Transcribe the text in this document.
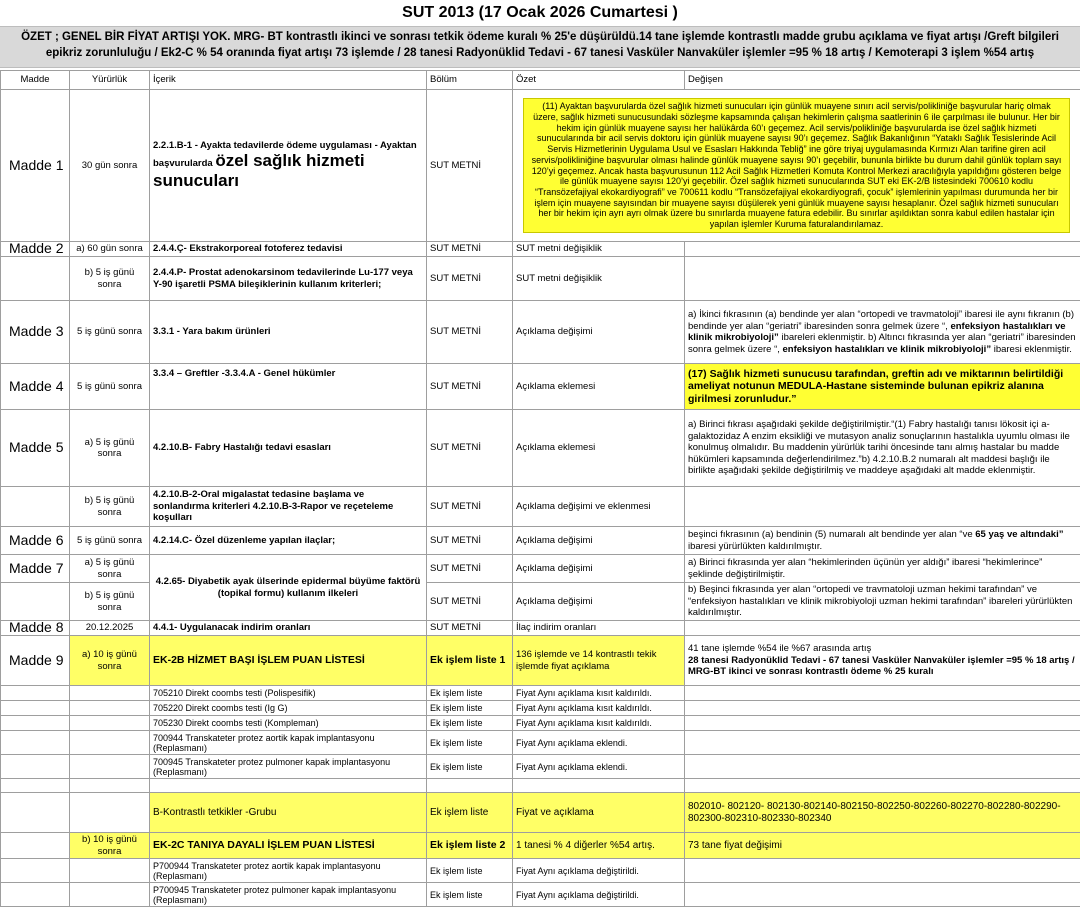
SUT 2013 (17 Ocak 2026 Cumartesi )
ÖZET ; GENEL BİR FİYAT ARTIŞI YOK. MRG- BT kontrastlı ikinci ve sonrası tetkik ödeme kuralı % 25'e düşürüldü.14 tane işlemde kontrastlı madde grubu açıklama ve fiyat artışı /Greft bilgileri epikriz zorunluluğu / Ek2-C % 54 oranında fiyat artışı 73 işlemde / 28 tanesi Radyonüklid Tedavi - 67 tanesi Vasküler Nanvaküler işlemler =95 % 18 artış / Kemoterapi 3 işlem %54 artış
Madde	Yürürlük	İçerik	Bölüm	Özet	Değişen
Madde 1	30 gün sonra	2.2.1.B-1 - Ayakta tedavilerde ödeme uygulaması - Ayaktan başvurularda özel sağlık hizmeti sunucuları	SUT METNİ	(11) Ayaktan başvurularda özel sağlık hizmeti sunucuları için günlük muayene sınırı acil servis/polikliniğe başvurular hariç olmak üzere, sağlık hizmeti sunucusundaki sözleşme kapsamında çalışan hekimlerin çalışma saatlerinin 6 ile çarpılması ile bulunur. Her bir hekim için günlük muayene sayısı her halükârda 60’ı geçemez. Acil servis/polikliniğe başvurularda ise özel sağlık hizmeti sunucularında bir acil servis doktoru için günlük muayene sayısı 90’ı geçemez. Sağlık Bakanlığının “Yataklı Sağlık Tesislerinde Acil Servis Hizmetlerinin Uygulama Usul ve Esasları Hakkında Tebliğ” ine göre triyaj uygulamasında Kırmızı Alan tarifine giren acil servis/polikliniğine başvurular olması halinde günlük muayene sayısı 90’ı geçebilir, bununla birlikte bu durum dahil günlük toplam sayı 120’yi geçemez. Ancak hasta başvurusunun 112 Acil Sağlık Hizmetleri Komuta Kontrol Merkezi aracılığıyla yapıldığını gösteren belge ile günlük muayene sayısı 120’yi geçebilir. Özel sağlık hizmeti sunucularında SUT eki EK-2/B listesindeki 700610 kodlu “Transözefajiyal ekokardiyografi” ve 700611 kodlu “Transözefajiyal ekokardiyografi, çocuk” işlemlerinin yapılması durumunda her bir işlem için muayene sayısından bir muayene sayısı düşülerek yeni günlük muayene sayısı hesaplanır. Özel sağlık hizmeti sunucuları her bir hekim için ayrı ayrı olmak üzere bu sınırlarda muayene fatura edebilir. Bu sınırlar aşıldıktan sonra kabul edilen hastalar için yapılan işlemler Kuruma faturalandırılamaz.	

Madde 2	a) 60 gün sonra	2.4.4.Ç- Ekstrakorporeal fotoferez tedavisi	SUT METNİ	SUT metni değişiklik	
	b) 5 iş günü sonra	2.4.4.P- Prostat adenokarsinom tedavilerinde Lu-177 veya Y-90 işaretli PSMA bileşiklerinin kullanım kriterleri;	SUT METNİ	SUT metni değişiklik	
Madde 3	5 iş günü sonra	3.3.1 - Yara bakım ürünleri	SUT METNİ	Açıklama değişimi	a) İkinci fıkrasının (a) bendinde yer alan “ortopedi ve travmatoloji” ibaresi ile aynı fıkranın (b) bendinde yer alan “geriatri” ibaresinden sonra gelmek üzere “, enfeksiyon hastalıkları ve klinik mikrobiyoloji” ibareleri eklenmiştir. b) Altıncı fıkrasında yer alan “geriatri” ibaresinden sonra gelmek üzere “, enfeksiyon hastalıkları ve klinik mikrobiyoloji” ibaresi eklenmiştir.
Madde 4	5 iş günü sonra	3.3.4 – Greftler -3.3.4.A - Genel hükümler	SUT METNİ	Açıklama eklemesi	(17) Sağlık hizmeti sunucusu tarafından, greftin adı ve miktarının belirtildiği ameliyat notunun MEDULA-Hastane sisteminde bulunan epikriz alanına girilmesi zorunludur.”
Madde 5	a) 5 iş günü sonra	4.2.10.B- Fabry Hastalığı tedavi esasları	SUT METNİ	Açıklama eklemesi	a) Birinci fıkrası aşağıdaki şekilde değiştirilmiştir.“(1) Fabry hastalığı tanısı lökosit içi a-galaktozidaz A enzim eksikliği ve mutasyon analiz sonuçlarının hastalıkla uyumlu olması ile konulmuş olmalıdır. Bu maddenin yürürlük tarihi öncesinde tanı almış hastalar bu madde hükümleri kapsamında değerlendirilmez.”b) 4.2.10.B.2 numaralı alt maddesi başlığı ile birlikte aşağıdaki şekilde değiştirilmiş ve maddeye aşağıdaki alt madde eklenmiştir.
	b) 5 iş günü sonra	4.2.10.B-2-Oral migalastat tedasine başlama ve sonlandırma kriterleri 4.2.10.B-3-Rapor ve reçeteleme koşulları	SUT METNİ	Açıklama değişimi ve eklenmesi	
Madde 6	5 iş günü sonra	4.2.14.C- Özel düzenleme yapılan ilaçlar;	SUT METNİ	Açıklama değişimi	beşinci fıkrasının (a) bendinin (5) numaralı alt bendinde yer alan “ve 65 yaş ve altındaki” ibaresi yürürlükten kaldırılmıştır.
Madde 7	a) 5 iş günü sonra	4.2.65- Diyabetik ayak ülserinde epidermal büyüme faktörü (topikal formu) kullanım ilkeleri	SUT METNİ	Açıklama değişimi	a) Birinci fıkrasında yer alan “hekimlerinden üçünün yer aldığı” ibaresi “hekimlerince” şeklinde değiştirilmiştir.
	b) 5 iş günü sonra		SUT METNİ	Açıklama değişimi	b) Beşinci fıkrasında yer alan “ortopedi ve travmatoloji uzman hekimi tarafından” ve “enfeksiyon hastalıkları ve klinik mikrobiyoloji uzman hekimi tarafından” ibareleri yürürlükten kaldırılmıştır.
Madde 8	20.12.2025	4.4.1- Uygulanacak indirim oranları	SUT METNİ	İlaç indirim oranları	
Madde 9	a) 10 iş günü sonra	EK-2B HİZMET BAŞI İŞLEM PUAN LİSTESİ	Ek işlem liste 1	136 işlemde ve 14 kontrastlı tekik işlemde fiyat açıklama	41 tane işlemde %54 ile %67 arasında artış
28 tanesi Radyonüklid Tedavi - 67 tanesi Vasküler Nanvaküler işlemler =95 % 18 artış / MRG-BT ikinci ve sonrası kontrastlı ödeme % 25 kuralı

		705210 Direkt coombs testi (Polispesifik)	Ek işlem liste	Fiyat Aynı açıklama kısıt kaldırıldı.	
		705220 Direkt coombs testi (Ig G)	Ek işlem liste	Fiyat Aynı açıklama kısıt kaldırıldı.	
		705230 Direkt coombs testi (Kompleman)	Ek işlem liste	Fiyat Aynı açıklama kısıt kaldırıldı.	
		700944 Transkateter protez aortik kapak implantasyonu (Replasmanı)	Ek işlem liste	Fiyat Aynı açıklama eklendi.	
		700945 Transkateter protez pulmoner kapak implantasyonu (Replasmanı)	Ek işlem liste	Fiyat Aynı açıklama eklendi.	

		B-Kontrastlı tetkikler -Grubu	Ek işlem liste	Fiyat ve açıklama	802010- 802120- 802130-802140-802150-802250-802260-802270-802280-802290-802300-802310-802330-802340
	b) 10 iş günü sonra	EK-2C TANIYA DAYALI İŞLEM PUAN LİSTESİ	Ek işlem liste 2	1 tanesi % 4 diğerler %54 artış.	73 tane fiyat değişimi
		P700944 Transkateter protez aortik kapak implantasyonu (Replasmanı)	Ek işlem liste	Fiyat Aynı açıklama değiştirildi.	
		P700945 Transkateter protez pulmoner kapak implantasyonu (Replasmanı)	Ek işlem liste	Fiyat Aynı açıklama değiştirildi.	
